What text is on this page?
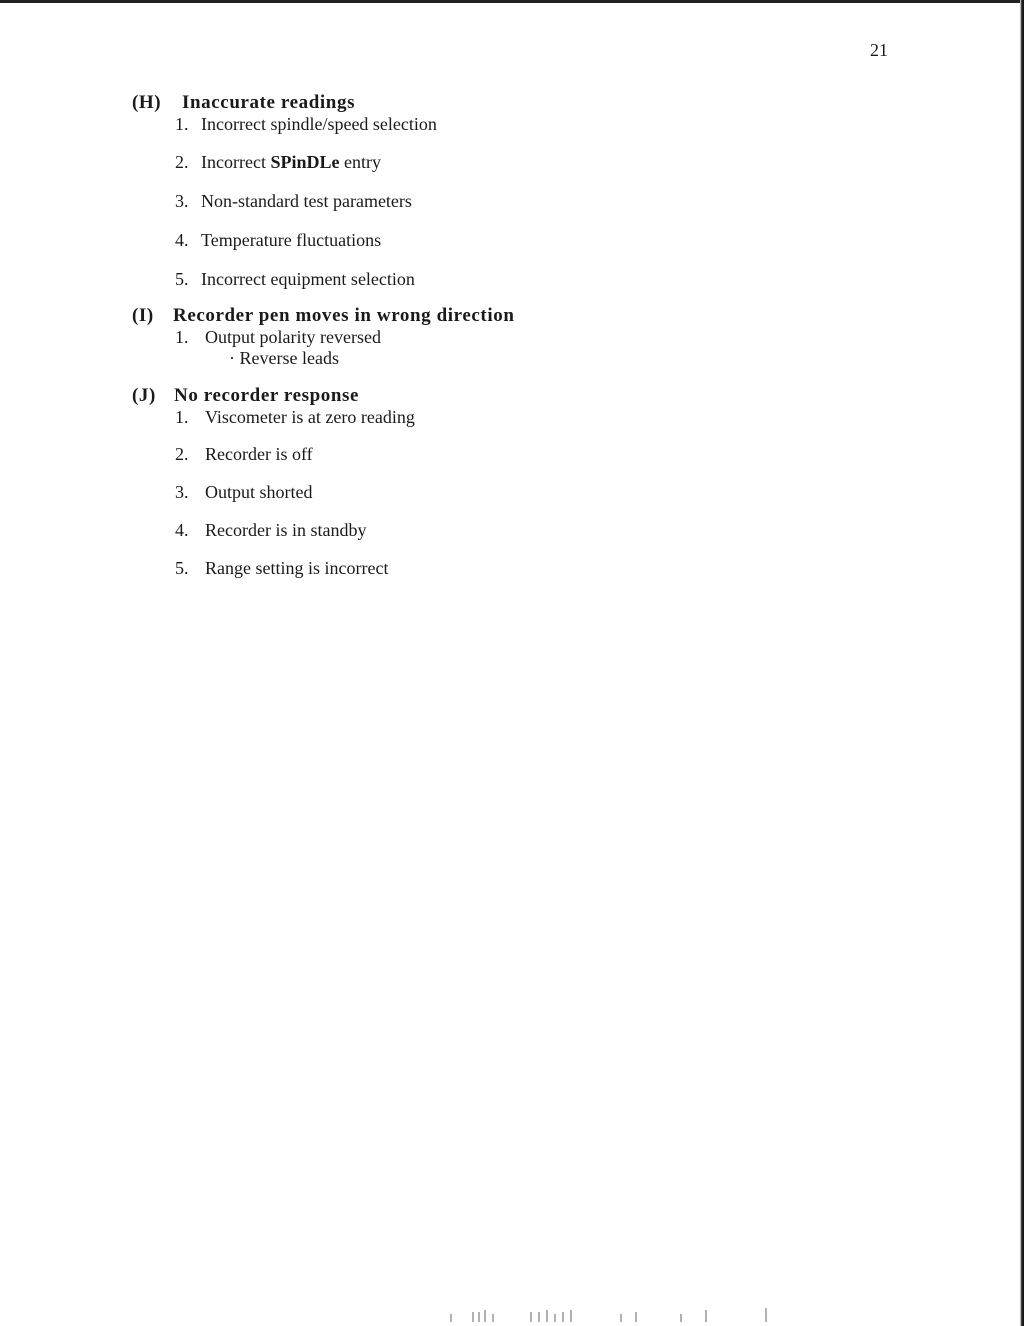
21
(H) Inaccurate readings
1. Incorrect spindle/speed selection
2. Incorrect SPinDLe entry
3. Non-standard test parameters
4. Temperature fluctuations
5. Incorrect equipment selection
(I) Recorder pen moves in wrong direction
1. Output polarity reversed
· Reverse leads
(J) No recorder response
1. Viscometer is at zero reading
2. Recorder is off
3. Output shorted
4. Recorder is in standby
5. Range setting is incorrect
